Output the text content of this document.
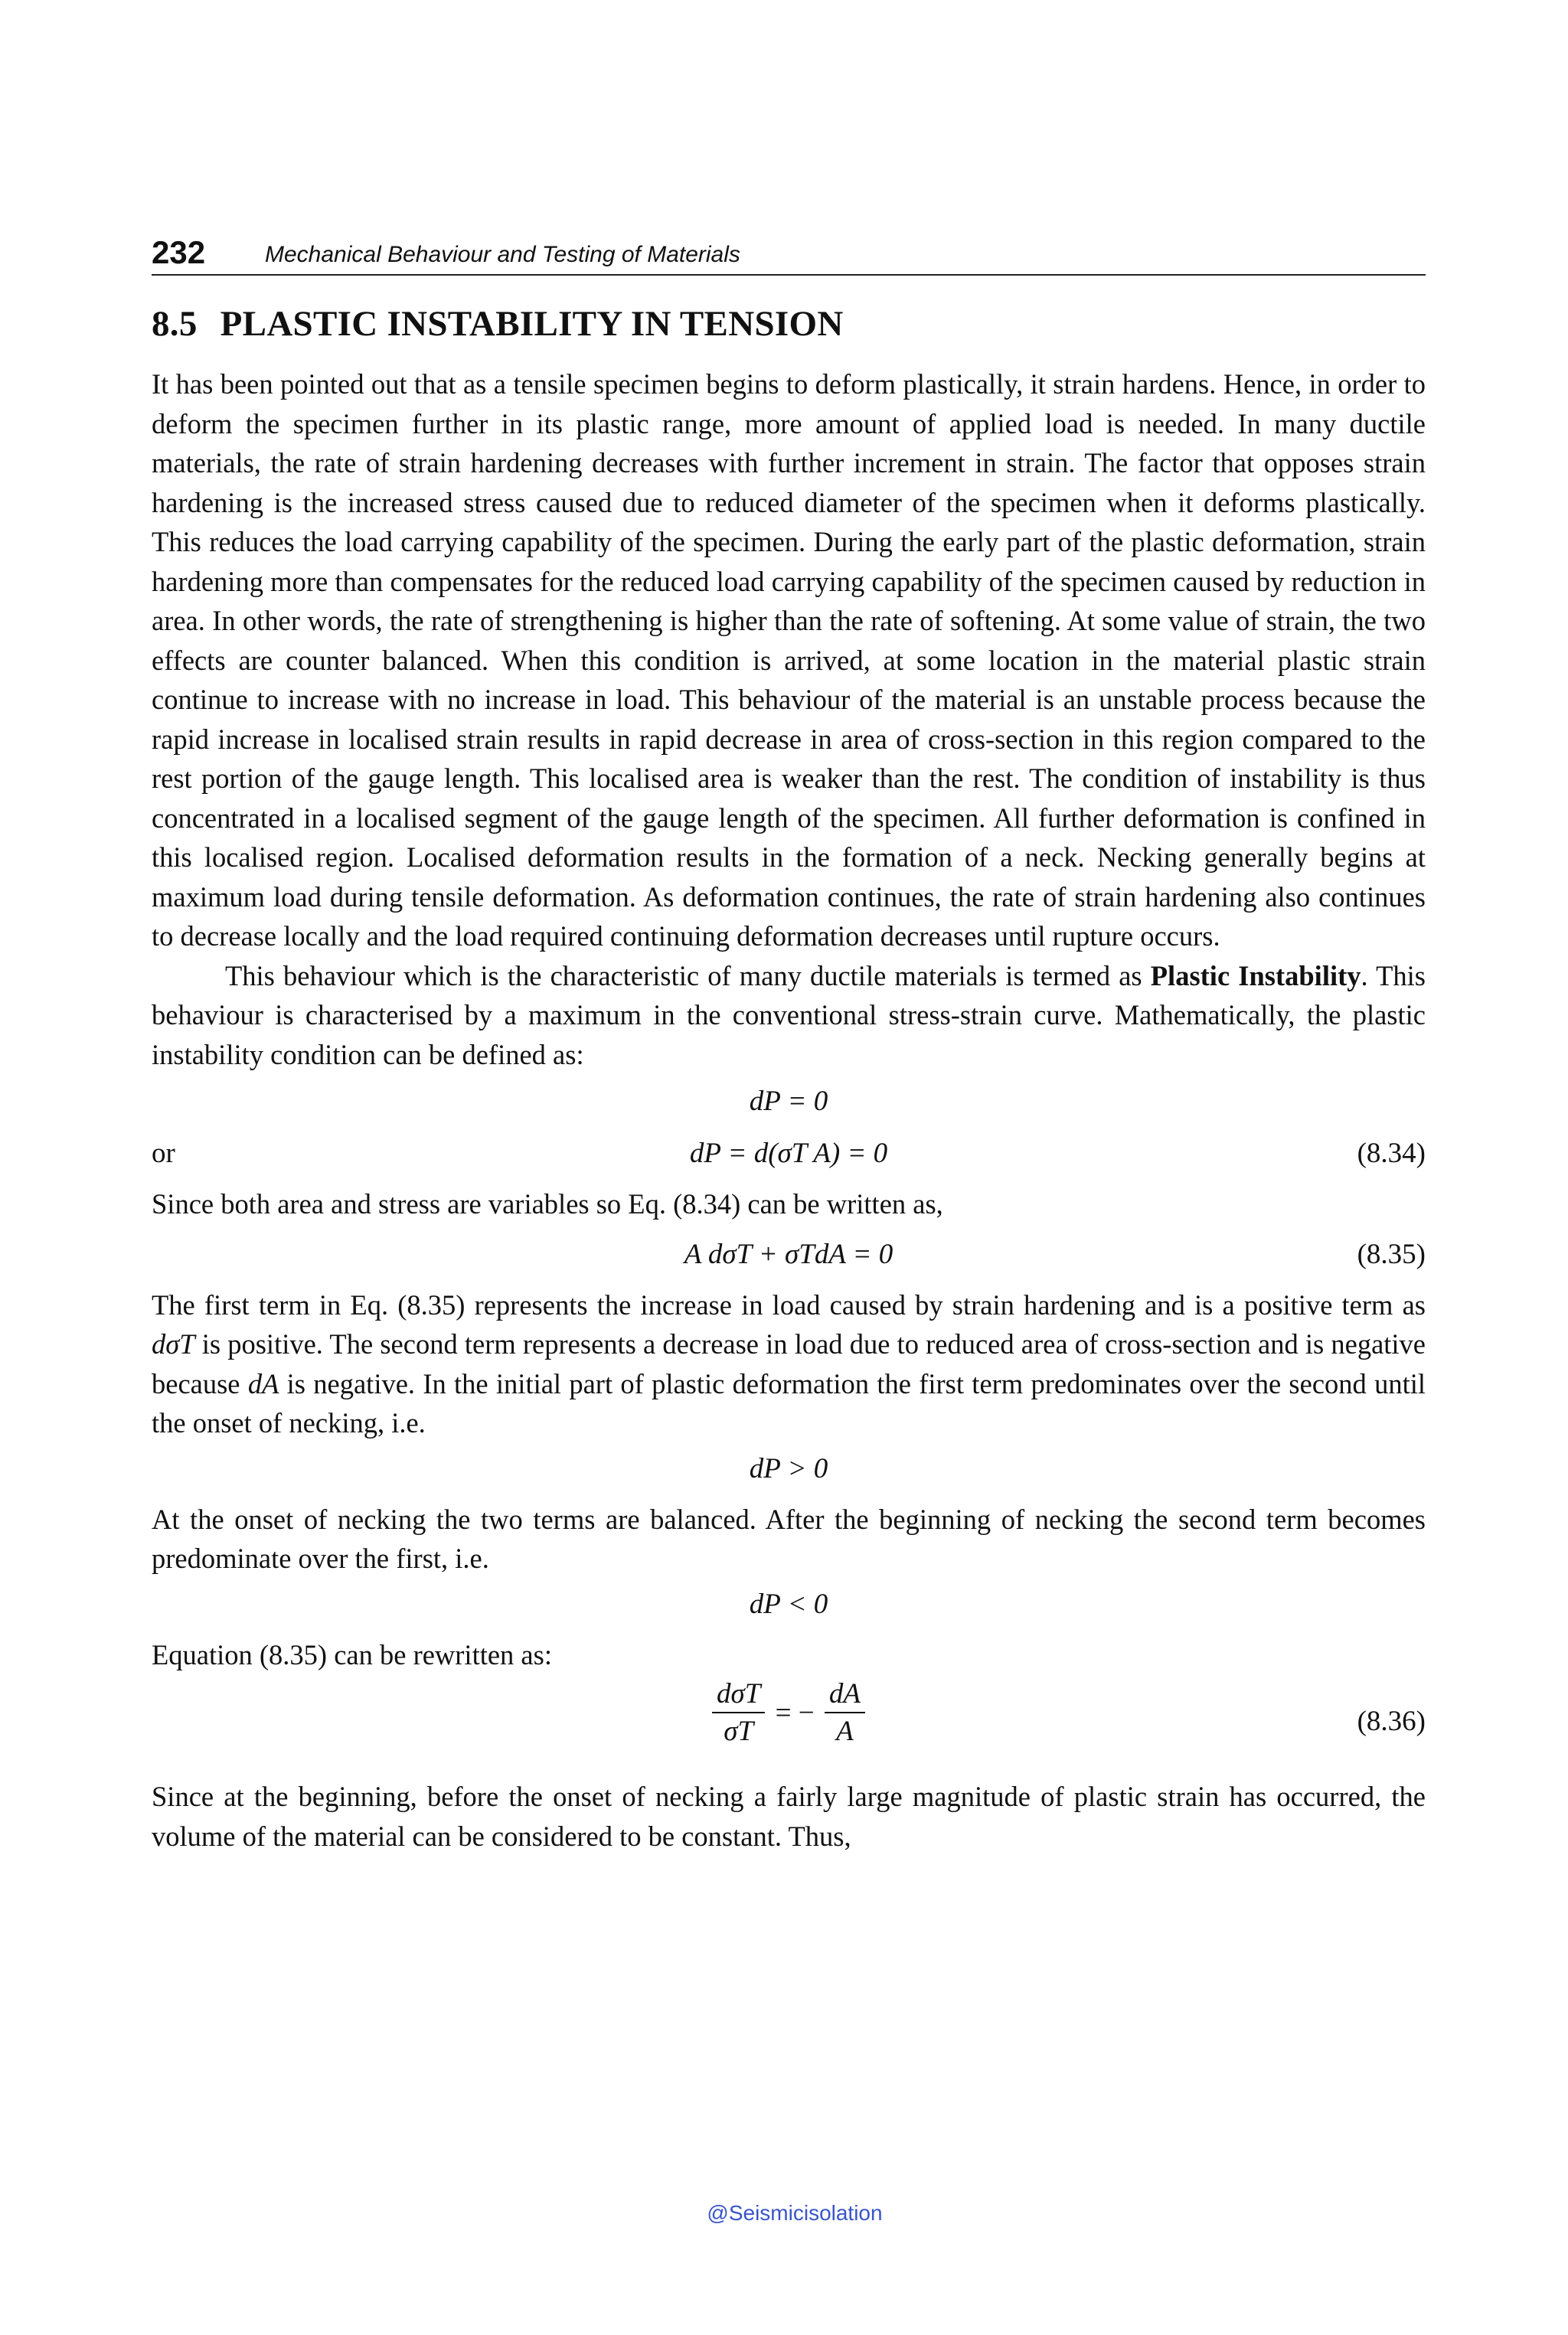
232	Mechanical Behaviour and Testing of Materials
8.5 PLASTIC INSTABILITY IN TENSION

It has been pointed out that as a tensile specimen begins to deform plastically, it strain hardens. Hence, in order to deform the specimen further in its plastic range, more amount of applied load is needed. In many ductile materials, the rate of strain hardening decreases with further increment in strain. The factor that opposes strain hardening is the increased stress caused due to reduced diameter of the specimen when it deforms plastically. This reduces the load carrying capability of the specimen. During the early part of the plastic deformation, strain hardening more than compensates for the reduced load carrying capability of the specimen caused by reduction in area. In other words, the rate of strengthening is higher than the rate of softening. At some value of strain, the two effects are counter balanced. When this condition is arrived, at some location in the material plastic strain continue to increase with no increase in load. This behaviour of the material is an unstable process because the rapid increase in localised strain results in rapid decrease in area of cross-section in this region compared to the rest portion of the gauge length. This localised area is weaker than the rest. The condition of instability is thus concentrated in a localised segment of the gauge length of the specimen. All further deformation is confined in this localised region. Localised deformation results in the formation of a neck. Necking generally begins at maximum load during tensile deformation. As deformation continues, the rate of strain hardening also continues to decrease locally and the load required continuing deformation decreases until rupture occurs.

This behaviour which is the characteristic of many ductile materials is termed as Plastic Instability. This behaviour is characterised by a maximum in the conventional stress-strain curve. Mathematically, the plastic instability condition can be defined as:

dP = 0
or	dP = d(σT A) = 0	(8.34)

Since both area and stress are variables so Eq. (8.34) can be written as,

A dσT + σTdA = 0	(8.35)

The first term in Eq. (8.35) represents the increase in load caused by strain hardening and is a positive term as dσT is positive. The second term represents a decrease in load due to reduced area of cross-section and is negative because dA is negative. In the initial part of plastic deformation the first term predominates over the second until the onset of necking, i.e.

dP > 0

At the onset of necking the two terms are balanced. After the beginning of necking the second term becomes predominate over the first, i.e.

dP < 0

Equation (8.35) can be rewritten as:

$\frac{\text{dσT}}{\sigma T}$ = − $\frac{dA}{A}$	(8.36)

Since at the beginning, before the onset of necking a fairly large magnitude of plastic strain has occurred, the volume of the material can be considered to be constant. Thus,

@Seismicisolation
